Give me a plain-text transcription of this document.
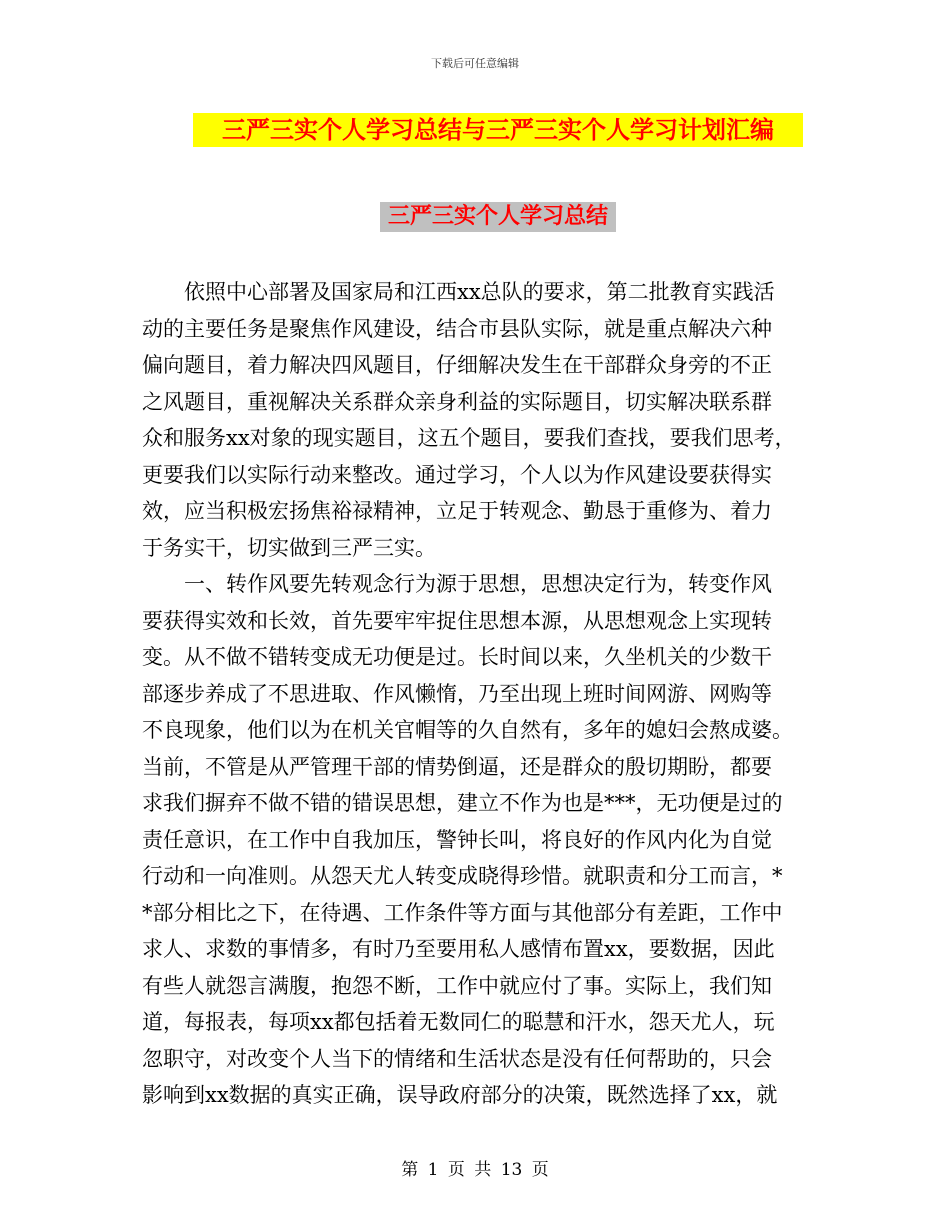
下载后可任意编辑
三严三实个人学习总结与三严三实个人学习计划汇编
三严三实个人学习总结
　　依照中心部署及国家局和江西xx总队的要求，第二批教育实践活
动的主要任务是聚焦作风建设，结合市县队实际，就是重点解决六种
偏向题目，着力解决四风题目，仔细解决发生在干部群众身旁的不正
之风题目，重视解决关系群众亲身利益的实际题目，切实解决联系群
众和服务xx对象的现实题目，这五个题目，要我们查找，要我们思考，
更要我们以实际行动来整改。通过学习，个人以为作风建设要获得实
效，应当积极宏扬焦裕禄精神，立足于转观念、勤恳于重修为、着力
于务实干，切实做到三严三实。
　　一、转作风要先转观念行为源于思想，思想决定行为，转变作风
要获得实效和长效，首先要牢牢捉住思想本源，从思想观念上实现转
变。从不做不错转变成无功便是过。长时间以来，久坐机关的少数干
部逐步养成了不思进取、作风懒惰，乃至出现上班时间网游、网购等
不良现象，他们以为在机关官帽等的久自然有，多年的媳妇会熬成婆。
当前，不管是从严管理干部的情势倒逼，还是群众的殷切期盼，都要
求我们摒弃不做不错的错误思想，建立不作为也是***，无功便是过的
责任意识，在工作中自我加压，警钟长叫，将良好的作风内化为自觉
行动和一向准则。从怨天尤人转变成晓得珍惜。就职责和分工而言，*
*部分相比之下，在待遇、工作条件等方面与其他部分有差距，工作中
求人、求数的事情多，有时乃至要用私人感情布置xx，要数据，因此
有些人就怨言满腹，抱怨不断，工作中就应付了事。实际上，我们知
道，每报表，每项xx都包括着无数同仁的聪慧和汗水，怨天尤人，玩
忽职守，对改变个人当下的情绪和生活状态是没有任何帮助的，只会
影响到xx数据的真实正确，误导政府部分的决策，既然选择了xx，就
第 1 页 共 13 页
